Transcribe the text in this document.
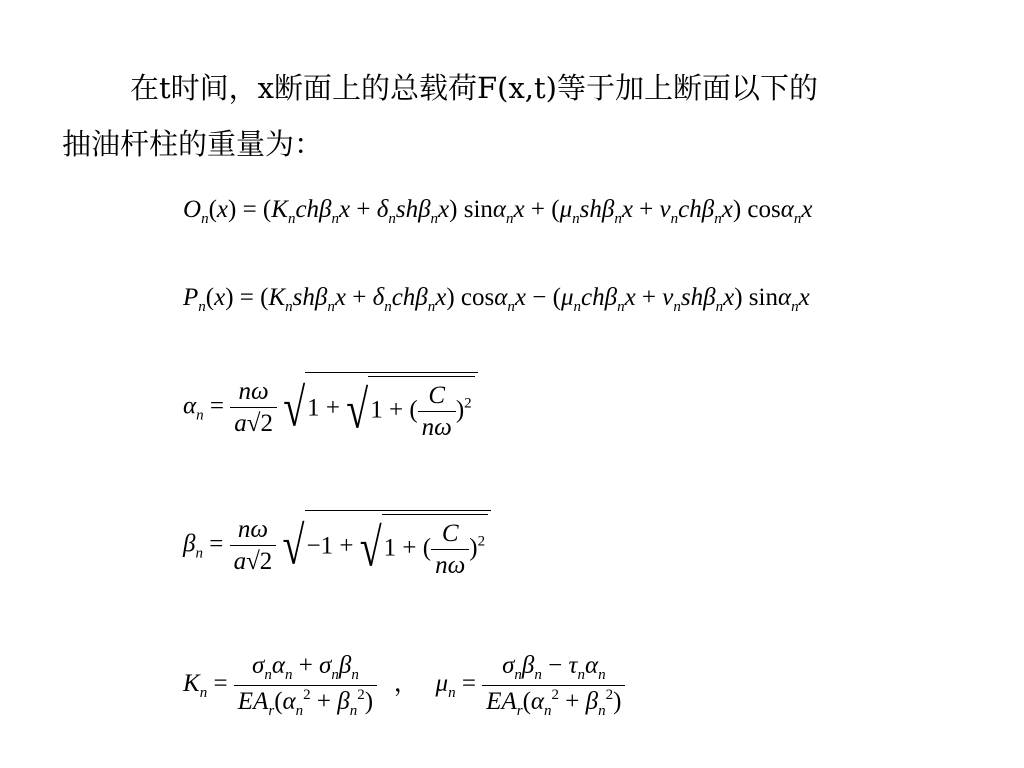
在t时间，x断面上的总载荷F(x,t)等于加上断面以下的
抽油杆柱的重量为：
$O_n(x) = (K_nch\beta_nx + \delta_nsh\beta_nx) \sin\alpha_nx + (\mu_nsh\beta_nx + \nu_nch\beta_nx)$ cosα$_n$x
$P_n(x) = (K_nsh\beta_nx + \delta_nch\beta_nx) \cos\alpha_nx - (\mu_nch\beta_nx + \nu_nsh\beta_nx)$ sinα$_n$x
$\alpha_n = \frac{n\omega}{a√2} √1 + √1$ + ( $\frac{C}{n\omega} )^2$
$\beta_n = \frac{n\omega}{a√2} √-1 + √1$ + ( $\frac{C}{n\omega} )^2$
$K_n = \frac{\sigma_n\alpha_n + \sigma_n\beta_n}{EA_r(\alpha_n^2 + \beta_n^2)}$ ， $\mu_n = \frac{\sigma_n\beta_n - \tau_n\alpha_n}{EA_r(\alpha_n^2 + \beta_n^2)}$
